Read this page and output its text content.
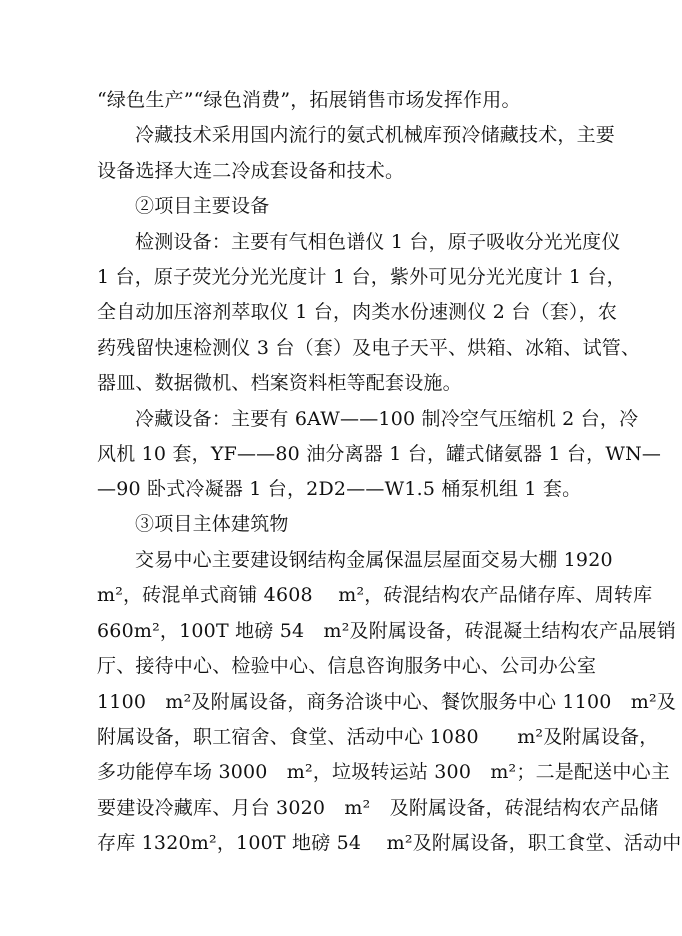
“绿色生产”“绿色消费”，拓展销售市场发挥作用。
冷藏技术采用国内流行的氨式机械库预冷储藏技术，主要
设备选择大连二冷成套设备和技术。
②项目主要设备
检测设备：主要有气相色谱仪 1 台，原子吸收分光光度仪
1 台，原子荧光分光光度计 1 台，紫外可见分光光度计 1 台，
全自动加压溶剂萃取仪 1 台，肉类水份速测仪 2 台（套），农
药残留快速检测仪 3 台（套）及电子天平、烘箱、冰箱、试管、
器皿、数据微机、档案资料柜等配套设施。
冷藏设备：主要有 6AW——100 制冷空气压缩机 2 台，冷
风机 10 套，YF——80 油分离器 1 台，罐式储氨器 1 台，WN—
—90 卧式冷凝器 1 台，2D2——W1.5 桶泵机组 1 套。
③项目主体建筑物
交易中心主要建设钢结构金属保温层屋面交易大棚 1920
m²，砖混单式商铺 4608　 m²，砖混结构农产品储存库、周转库
660m²，100T 地磅 54　m²及附属设备，砖混凝土结构农产品展销
厅、接待中心、检验中心、信息咨询服务中心、公司办公室
1100　m²及附属设备，商务洽谈中心、餐饮服务中心 1100　m²及
附属设备，职工宿舍、食堂、活动中心 1080　　m²及附属设备，
多功能停车场 3000　m²，垃圾转运站 300　m²；二是配送中心主
要建设冷藏库、月台 3020　m²　及附属设备，砖混结构农产品储
存库 1320m²，100T 地磅 54　 m²及附属设备，职工食堂、活动中
